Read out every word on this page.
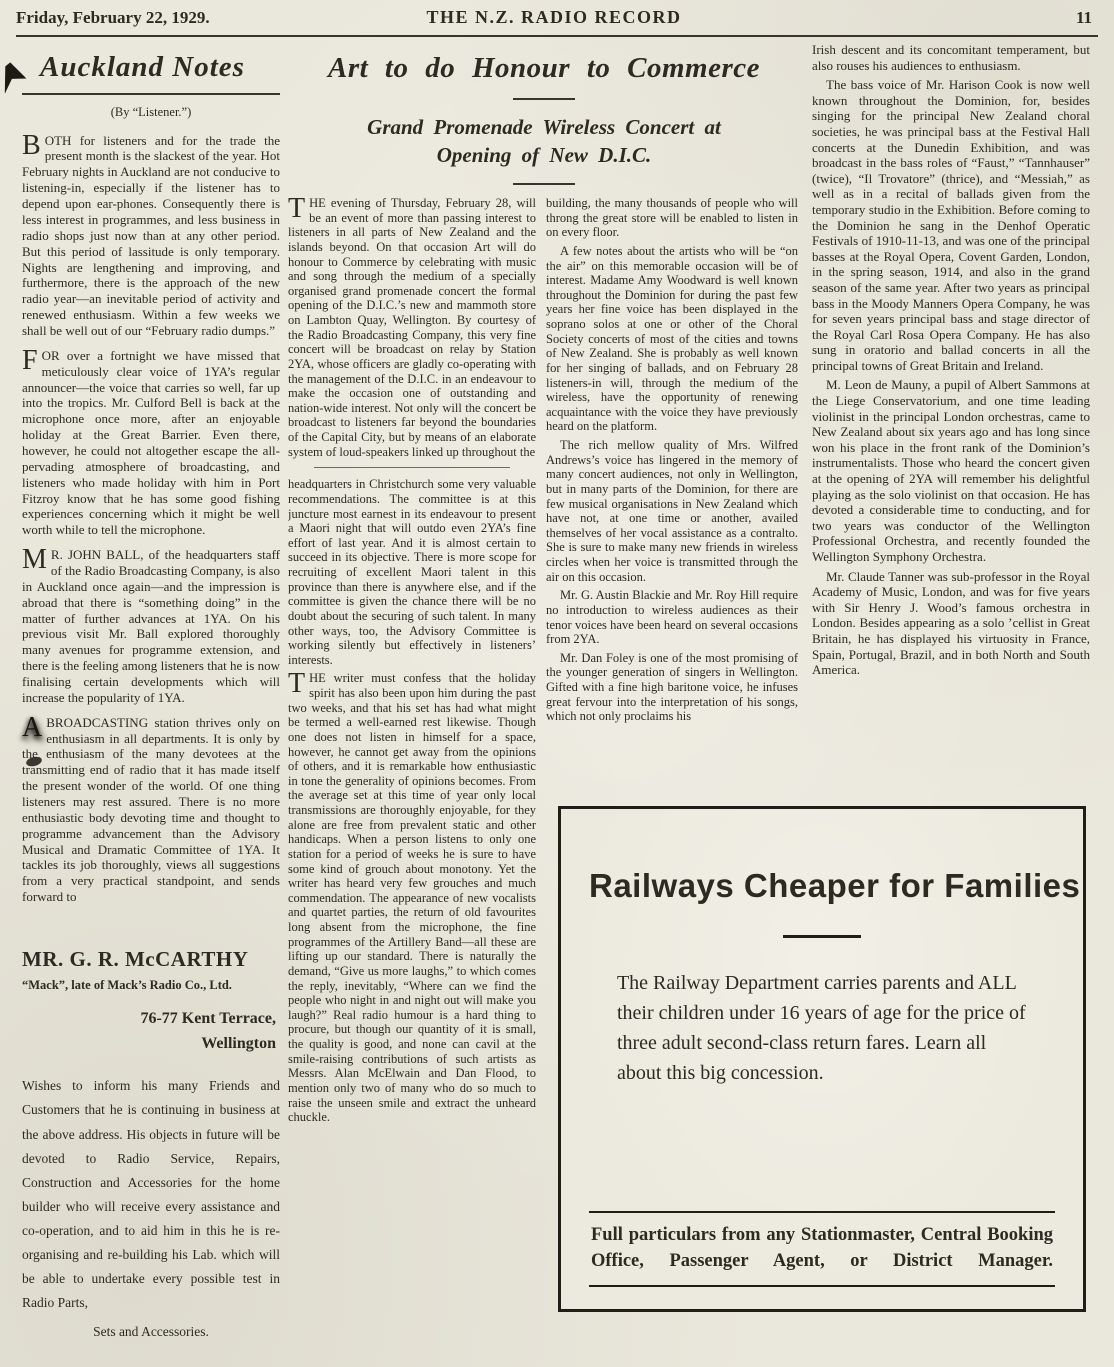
Friday, February 22, 1929.	THE N.Z. RADIO RECORD	11
Auckland Notes
(By “Listener.”)

BOTH for listeners and for the trade the present month is the slackest of the year. Hot February nights in Auckland are not conducive to listening-in, especially if the listener has to depend upon ear-phones. Consequently there is less interest in programmes, and less business in radio shops just now than at any other period. But this period of lassitude is only temporary. Nights are lengthening and improving, and furthermore, there is the approach of the new radio year—an inevitable period of activity and renewed enthusiasm. Within a few weeks we shall be well out of our “February radio dumps.”

FOR over a fortnight we have missed that meticulously clear voice of 1YA’s regular announcer—the voice that carries so well, far up into the tropics. Mr. Culford Bell is back at the microphone once more, after an enjoyable holiday at the Great Barrier. Even there, however, he could not altogether escape the all-pervading atmosphere of broadcasting, and listeners who made holiday with him in Port Fitzroy know that he has some good fishing experiences concerning which it might be well worth while to tell the microphone.

M R. JOHN BALL, of the headquarters staff of the Radio Broadcasting Company, is also in Auckland once again—and the impression is abroad that there is “something doing” in the matter of further advances at 1YA. On his previous visit Mr. Ball explored thoroughly many avenues for programme extension, and there is the feeling among listeners that he is now finalising certain developments which will increase the popularity of 1YA.

A BROADCASTING station thrives only on enthusiasm in all departments. It is only by the enthusiasm of the many devotees at the transmitting end of radio that it has made itself the present wonder of the world. Of one thing listeners may rest assured. There is no more enthusiastic body devoting time and thought to programme advancement than the Advisory Musical and Dramatic Committee of 1YA. It tackles its job thoroughly, views all suggestions from a very practical standpoint, and sends forward to

MR. G. R. McCARTHY
“Mack”, late of Mack’s Radio Co., Ltd.
76-77 Kent Terrace,
Wellington

Wishes to inform his many Friends and Customers that he is continuing in business at the above address. His objects in future will be devoted to Radio Service, Repairs, Construction and Accessories for the home builder who will receive every assistance and co-operation, and to aid him in this he is re-organising and re-building his Lab. which will be able to undertake every possible test in Radio Parts,

Sets and Accessories.
Art to do Honour to Commerce
Grand Promenade Wireless Concert at
Opening of New D.I.C.

THE evening of Thursday, February 28, will be an event of more than passing interest to listeners in all parts of New Zealand and the islands beyond. On that occasion Art will do honour to Commerce by celebrating with music and song through the medium of a specially organised grand promenade concert the formal opening of the D.I.C.’s new and mammoth store on Lambton Quay, Wellington. By courtesy of the Radio Broadcasting Company, this very fine concert will be broadcast on relay by Station 2YA, whose officers are gladly co-operating with the management of the D.I.C. in an endeavour to make the occasion one of outstanding and nation-wide interest. Not only will the concert be broadcast to listeners far beyond the boundaries of the Capital City, but by means of an elaborate system of loud-speakers linked up throughout the

headquarters in Christchurch some very valuable recommendations. The committee is at this juncture most earnest in its endeavour to present a Maori night that will outdo even 2YA’s fine effort of last year. And it is almost certain to succeed in its objective. There is more scope for recruiting of excellent Maori talent in this province than there is anywhere else, and if the committee is given the chance there will be no doubt about the securing of such talent. In many other ways, too, the Advisory Committee is working silently but effectively in listeners’ interests.

THE writer must confess that the holiday spirit has also been upon him during the past two weeks, and that his set has had what might be termed a well-earned rest likewise. Though one does not listen in himself for a space, however, he cannot get away from the opinions of others, and it is remarkable how enthusiastic in tone the generality of opinions becomes. From the average set at this time of year only local transmissions are thoroughly enjoyable, for they alone are free from prevalent static and other handicaps. When a person listens to only one station for a period of weeks he is sure to have some kind of grouch about monotony. Yet the writer has heard very few grouches and much commendation. The appearance of new vocalists and quartet parties, the return of old favourites long absent from the microphone, the fine programmes of the Artillery Band—all these are lifting up our standard. There is naturally the demand, “Give us more laughs,” to which comes the reply, inevitably, “Where can we find the people who night in and night out will make you laugh?” Real radio humour is a hard thing to procure, but though our quantity of it is small, the quality is good, and none can cavil at the smile-raising contributions of such artists as Messrs. Alan McElwain and Dan Flood, to mention only two of many who do so much to raise the unseen smile and extract the unheard chuckle.

building, the many thousands of people who will throng the great store will be enabled to listen in on every floor.

A few notes about the artists who will be “on the air” on this memorable occasion will be of interest. Madame Amy Woodward is well known throughout the Dominion for during the past few years her fine voice has been displayed in the soprano solos at one or other of the Choral Society concerts of most of the cities and towns of New Zealand. She is probably as well known for her singing of ballads, and on February 28 listeners-in will, through the medium of the wireless, have the opportunity of renewing acquaintance with the voice they have previously heard on the platform.

The rich mellow quality of Mrs. Wilfred Andrews’s voice has lingered in the memory of many concert audiences, not only in Wellington, but in many parts of the Dominion, for there are few musical organisations in New Zealand which have not, at one time or another, availed themselves of her vocal assistance as a contralto. She is sure to make many new friends in wireless circles when her voice is transmitted through the air on this occasion.

Mr. G. Austin Blackie and Mr. Roy Hill require no introduction to wireless audiences as their tenor voices have been heard on several occasions from 2YA.

Mr. Dan Foley is one of the most promising of the younger generation of singers in Wellington. Gifted with a fine high baritone voice, he infuses great fervour into the interpretation of his songs, which not only proclaims his

Irish descent and its concomitant temperament, but also rouses his audiences to enthusiasm.

The bass voice of Mr. Harison Cook is now well known throughout the Dominion, for, besides singing for the principal New Zealand choral societies, he was principal bass at the Festival Hall concerts at the Dunedin Exhibition, and was broadcast in the bass roles of “Faust,” “Tannhauser” (twice), “Il Trovatore” (thrice), and “Messiah,” as well as in a recital of ballads given from the temporary studio in the Exhibition. Before coming to the Dominion he sang in the Denhof Operatic Festivals of 1910-11-13, and was one of the principal basses at the Royal Opera, Covent Garden, London, in the spring season, 1914, and also in the grand season of the same year. After two years as principal bass in the Moody Manners Opera Company, he was for seven years principal bass and stage director of the Royal Carl Rosa Opera Company. He has also sung in oratorio and ballad concerts in all the principal towns of Great Britain and Ireland.

M. Leon de Mauny, a pupil of Albert Sammons at the Liege Conservatorium, and one time leading violinist in the principal London orchestras, came to New Zealand about six years ago and has long since won his place in the front rank of the Dominion’s instrumentalists. Those who heard the concert given at the opening of 2YA will remember his delightful playing as the solo violinist on that occasion. He has devoted a considerable time to conducting, and for two years was conductor of the Wellington Professional Orchestra, and recently founded the Wellington Symphony Orchestra.

Mr. Claude Tanner was sub-professor in the Royal Academy of Music, London, and was for five years with Sir Henry J. Wood’s famous orchestra in London. Besides appearing as a solo ’cellist in Great Britain, he has displayed his virtuosity in France, Spain, Portugal, Brazil, and in both North and South America.

Railways Cheaper for Families

The Railway Department carries parents and ALL their children under 16 years of age for the price of three adult second-class return fares. Learn all about this big concession.

Full particulars from any Stationmaster, Central Booking Office, Passenger Agent, or District Manager.
